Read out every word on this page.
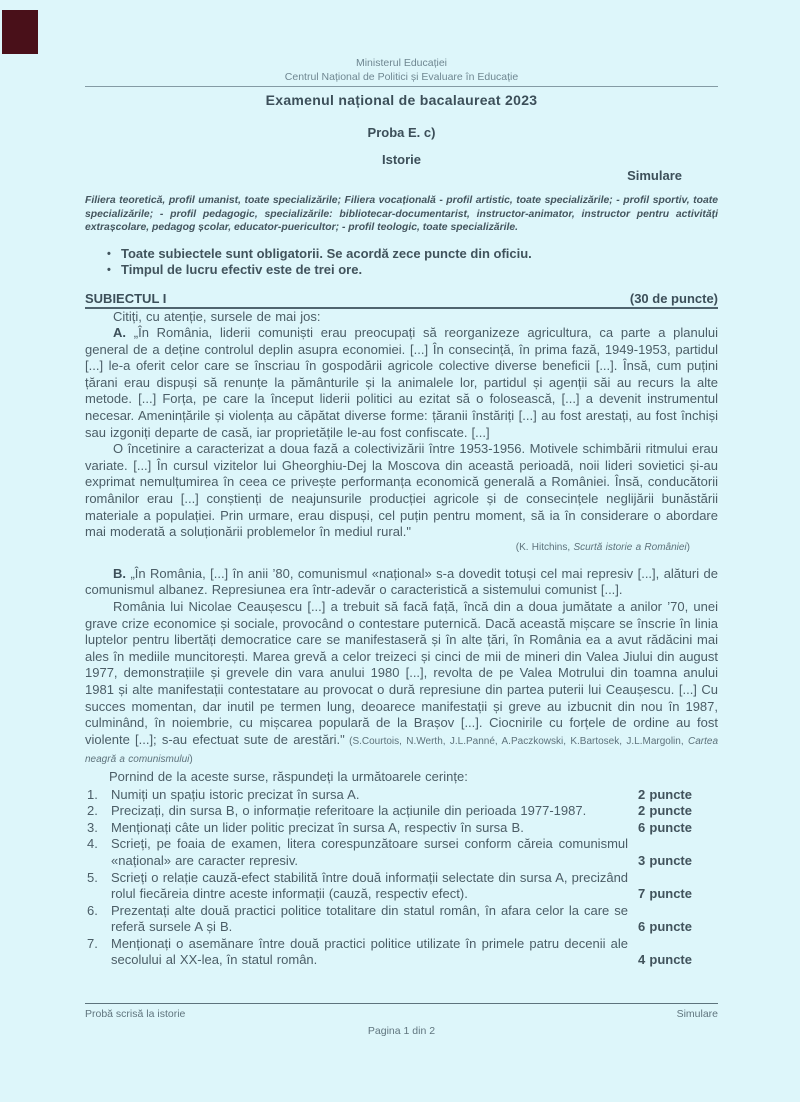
Ministerul Educației
Centrul Național de Politici și Evaluare în Educație
Examenul național de bacalaureat 2023
Proba E. c)
Istorie
Simulare
Filiera teoretică, profil umanist, toate specializările; Filiera vocațională - profil artistic, toate specializările; - profil sportiv, toate specializările; - profil pedagogic, specializările: bibliotecar-documentarist, instructor-animator, instructor pentru activități extrașcolare, pedagog școlar, educator-puericultor; - profil teologic, toate specializările.
• Toate subiectele sunt obligatorii. Se acordă zece puncte din oficiu.
• Timpul de lucru efectiv este de trei ore.
SUBIECTUL I	(30 de puncte)

Citiți, cu atenție, sursele de mai jos:

A. „În România, liderii comuniști erau preocupați să reorganizeze agricultura, ca parte a planului general de a deține controlul deplin asupra economiei. [...] În consecință, în prima fază, 1949-1953, partidul [...] le-a oferit celor care se înscriau în gospodării agricole colective diverse beneficii [...]. Însă, cum puțini țărani erau dispuși să renunțe la pământurile și la animalele lor, partidul și agenții săi au recurs la alte metode. [...] Forța, pe care la început liderii politici au ezitat să o folosească, [...] a devenit instrumentul necesar. Amenințările și violența au căpătat diverse forme: țăranii înstăriți [...] au fost arestați, au fost închiși sau izgoniți departe de casă, iar proprietățile le-au fost confiscate. [...]

O încetinire a caracterizat a doua fază a colectivizării între 1953-1956. Motivele schimbării ritmului erau variate. [...] În cursul vizitelor lui Gheorghiu-Dej la Moscova din această perioadă, noii lideri sovietici și-au exprimat nemulțumirea în ceea ce privește performanța economică generală a României. Însă, conducătorii românilor erau [...] conștienți de neajunsurile producției agricole și de consecințele neglijării bunăstării materiale a populației. Prin urmare, erau dispuși, cel puțin pentru moment, să ia în considerare o abordare mai moderată a soluționării problemelor în mediul rural."

(K. Hitchins, Scurtă istorie a României)

B. „În România, [...] în anii ’80, comunismul «național» s-a dovedit totuși cel mai represiv [...], alături de comunismul albanez. Represiunea era într-adevăr o caracteristică a sistemului comunist [...].

România lui Nicolae Ceaușescu [...] a trebuit să facă față, încă din a doua jumătate a anilor ’70, unei grave crize economice și sociale, provocând o contestare puternică. Dacă această mișcare se înscrie în linia luptelor pentru libertăți democratice care se manifestaseră și în alte țări, în România ea a avut rădăcini mai ales în mediile muncitorești. Marea grevă a celor treizeci și cinci de mii de mineri din Valea Jiului din august 1977, demonstrațiile și grevele din vara anului 1980 [...], revolta de pe Valea Motrului din toamna anului 1981 și alte manifestații contestatare au provocat o dură represiune din partea puterii lui Ceaușescu. [...] Cu succes momentan, dar inutil pe termen lung, deoarece manifestații și greve au izbucnit din nou în 1987, culminând, în noiembrie, cu mișcarea populară de la Brașov [...]. Ciocnirile cu forțele de ordine au fost violente [...]; s-au efectuat sute de arestări." (S.Courtois, N.Werth, J.L.Panné, A.Paczkowski, K.Bartosek, J.L.Margolin, Cartea neagră a comunismului)

Pornind de la aceste surse, răspundeți la următoarele cerințe:

1.	Numiți un spațiu istoric precizat în sursa A.	2 puncte
2.	Precizați, din sursa B, o informație referitoare la acțiunile din perioada 1977-1987.	2 puncte
3.	Menționați câte un lider politic precizat în sursa A, respectiv în sursa B.	6 puncte
4.	Scrieți, pe foaia de examen, litera corespunzătoare sursei conform căreia comunismul «național» are caracter represiv.	3 puncte
5.	Scrieți o relație cauză-efect stabilită între două informații selectate din sursa A, precizând rolul fiecăreia dintre aceste informații (cauză, respectiv efect).	7 puncte
6.	Prezentați alte două practici politice totalitare din statul român, în afara celor la care se referă sursele A și B.	6 puncte
7.	Menționați o asemănare între două practici politice utilizate în primele patru decenii ale secolului al XX-lea, în statul român.	4 puncte
Probă scrisă la istorie	Simulare
Pagina 1 din 2
